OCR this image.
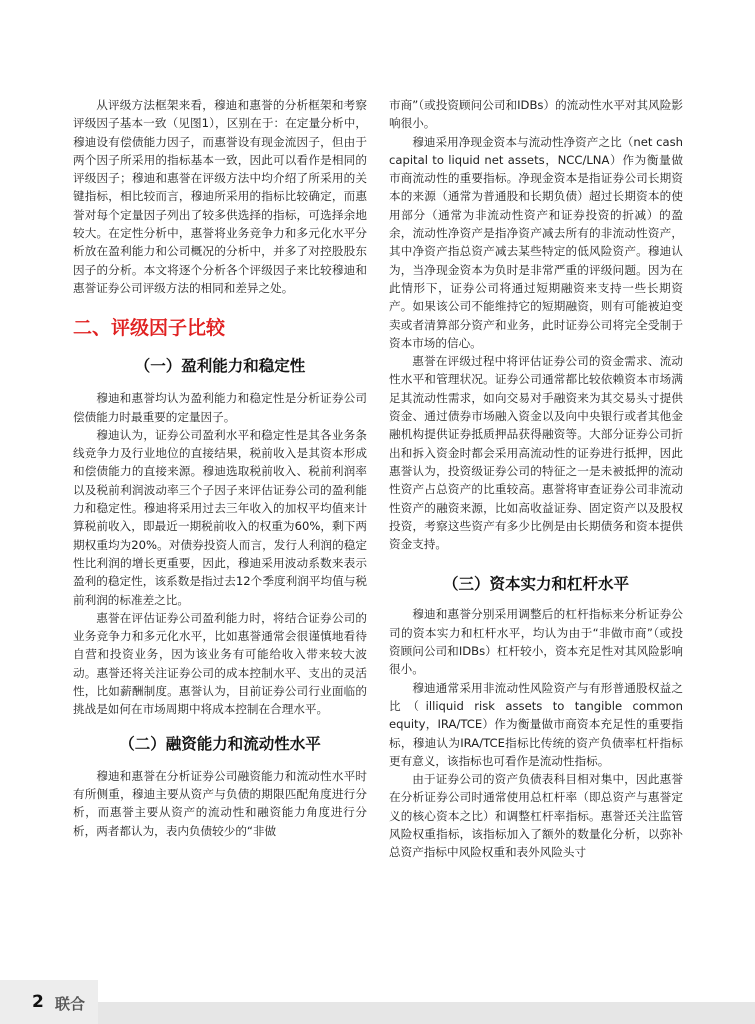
从评级方法框架来看，穆迪和惠誉的分析框架和考察评级因子基本一致（见图1），区别在于：在定量分析中，穆迪设有偿债能力因子，而惠誉设有现金流因子，但由于两个因子所采用的指标基本一致，因此可以看作是相同的评级因子；穆迪和惠誉在评级方法中均介绍了所采用的关键指标，相比较而言，穆迪所采用的指标比较确定，而惠誉对每个定量因子列出了较多供选择的指标，可选择余地较大。在定性分析中，惠誉将业务竞争力和多元化水平分析放在盈利能力和公司概况的分析中，并多了对控股股东因子的分析。本文将逐个分析各个评级因子来比较穆迪和惠誉证券公司评级方法的相同和差异之处。

二、评级因子比较
（一）盈利能力和稳定性

穆迪和惠誉均认为盈利能力和稳定性是分析证券公司偿债能力时最重要的定量因子。

穆迪认为，证券公司盈利水平和稳定性是其各业务条线竞争力及行业地位的直接结果，税前收入是其资本形成和偿债能力的直接来源。穆迪选取税前收入、税前利润率以及税前利润波动率三个子因子来评估证券公司的盈利能力和稳定性。穆迪将采用过去三年收入的加权平均值来计算税前收入，即最近一期税前收入的权重为60%，剩下两期权重均为20%。对债券投资人而言，发行人利润的稳定性比利润的增长更重要，因此，穆迪采用波动系数来表示盈利的稳定性，该系数是指过去12个季度利润平均值与税前利润的标准差之比。

惠誉在评估证券公司盈利能力时，将结合证券公司的业务竞争力和多元化水平，比如惠誉通常会很谨慎地看待自营和投资业务，因为该业务有可能给收入带来较大波动。惠誉还将关注证券公司的成本控制水平、支出的灵活性，比如薪酬制度。惠誉认为，目前证券公司行业面临的挑战是如何在市场周期中将成本控制在合理水平。

（二）融资能力和流动性水平

穆迪和惠誉在分析证券公司融资能力和流动性水平时有所侧重，穆迪主要从资产与负债的期限匹配角度进行分析，而惠誉主要从资产的流动性和融资能力角度进行分析，两者都认为，表内负债较少的“非做

市商”（或投资顾问公司和IDBs）的流动性水平对其风险影响很小。

穆迪采用净现金资本与流动性净资产之比（net cash capital to liquid net assets，NCC/LNA）作为衡量做市商流动性的重要指标。净现金资本是指证券公司长期资本的来源（通常为普通股和长期负债）超过长期资本的使用部分（通常为非流动性资产和证券投资的折减）的盈余，流动性净资产是指净资产减去所有的非流动性资产，其中净资产指总资产减去某些特定的低风险资产。穆迪认为，当净现金资本为负时是非常严重的评级问题。因为在此情形下，证券公司将通过短期融资来支持一些长期资产。如果该公司不能维持它的短期融资，则有可能被迫变卖或者清算部分资产和业务，此时证券公司将完全受制于资本市场的信心。

惠誉在评级过程中将评估证券公司的资金需求、流动性水平和管理状况。证券公司通常都比较依赖资本市场满足其流动性需求，如向交易对手融资来为其交易头寸提供资金、通过债券市场融入资金以及向中央银行或者其他金融机构提供证券抵质押品获得融资等。大部分证券公司折出和拆入资金时都会采用高流动性的证券进行抵押，因此惠誉认为，投资级证券公司的特征之一是未被抵押的流动性资产占总资产的比重较高。惠誉将审查证券公司非流动性资产的融资来源，比如高收益证券、固定资产以及股权投资，考察这些资产有多少比例是由长期债务和资本提供资金支持。

（三）资本实力和杠杆水平

穆迪和惠誉分别采用调整后的杠杆指标来分析证券公司的资本实力和杠杆水平，均认为由于“非做市商”（或投资顾问公司和IDBs）杠杆较小，资本充足性对其风险影响很小。

穆迪通常采用非流动性风险资产与有形普通股权益之比（illiquid risk assets to tangible common equity，IRA/TCE）作为衡量做市商资本充足性的重要指标，穆迪认为IRA/TCE指标比传统的资产负债率杠杆指标更有意义，该指标也可看作是流动性指标。

由于证券公司的资产负债表科目相对集中，因此惠誉在分析证券公司时通常使用总杠杆率（即总资产与惠誉定义的核心资本之比）和调整杠杆率指标。惠誉还关注监管风险权重指标，该指标加入了额外的数量化分析，以弥补总资产指标中风险权重和表外风险头寸

2 联合
